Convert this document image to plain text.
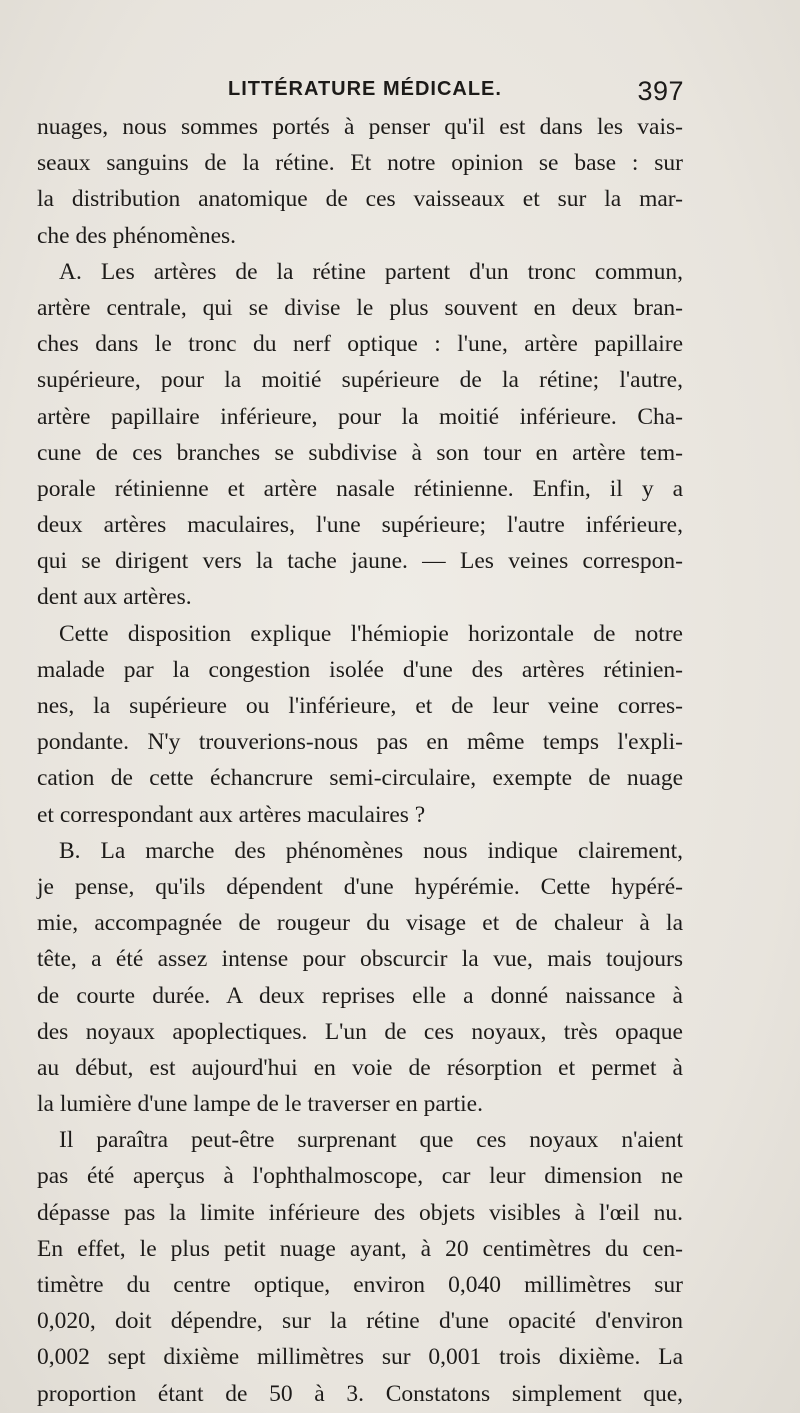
LITTÉRATURE MÉDICALE.	397
nuages, nous sommes portés à penser qu'il est dans les vais-
seaux sanguins de la rétine. Et notre opinion se base : sur
la distribution anatomique de ces vaisseaux et sur la mar-
che des phénomènes.
A. Les artères de la rétine partent d'un tronc commun,
artère centrale, qui se divise le plus souvent en deux bran-
ches dans le tronc du nerf optique : l'une, artère papillaire
supérieure, pour la moitié supérieure de la rétine; l'autre,
artère papillaire inférieure, pour la moitié inférieure. Cha-
cune de ces branches se subdivise à son tour en artère tem-
porale rétinienne et artère nasale rétinienne. Enfin, il y a
deux artères maculaires, l'une supérieure; l'autre inférieure,
qui se dirigent vers la tache jaune. — Les veines correspon-
dent aux artères.
Cette disposition explique l'hémiopie horizontale de notre
malade par la congestion isolée d'une des artères rétinien-
nes, la supérieure ou l'inférieure, et de leur veine corres-
pondante. N'y trouverions-nous pas en même temps l'expli-
cation de cette échancrure semi-circulaire, exempte de nuage
et correspondant aux artères maculaires ?
B. La marche des phénomènes nous indique clairement,
je pense, qu'ils dépendent d'une hypérémie. Cette hypéré-
mie, accompagnée de rougeur du visage et de chaleur à la
tête, a été assez intense pour obscurcir la vue, mais toujours
de courte durée. A deux reprises elle a donné naissance à
des noyaux apoplectiques. L'un de ces noyaux, très opaque
au début, est aujourd'hui en voie de résorption et permet à
la lumière d'une lampe de le traverser en partie.
Il paraîtra peut-être surprenant que ces noyaux n'aient
pas été aperçus à l'ophthalmoscope, car leur dimension ne
dépasse pas la limite inférieure des objets visibles à l'œil nu.
En effet, le plus petit nuage ayant, à 20 centimètres du cen-
timètre du centre optique, environ 0,040 millimètres sur
0,020, doit dépendre, sur la rétine d'une opacité d'environ
0,002 sept dixième millimètres sur 0,001 trois dixième. La
proportion étant de 50 à 3. Constatons simplement que,
